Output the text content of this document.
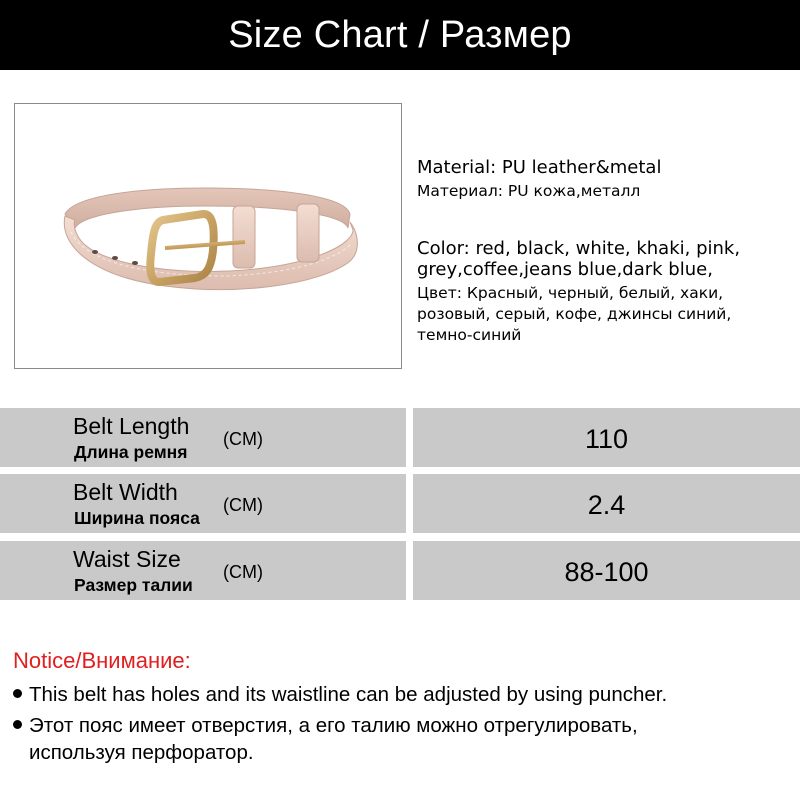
Size Chart / Размер
Material: PU leather&metal
Материал: PU кожа,металл
Color: red, black, white, khaki, pink,
grey,coffee,jeans blue,dark blue,
Цвет: Красный, черный, белый, хаки,
розовый, серый, кофе, джинсы синий,
темно-синий
Belt Length
Длина ремня
(CM)	110
Belt Width
Ширина пояса
(CM)	2.4
Waist Size
Размер талии
(CM)	88-100
Notice/Внимание:
This belt has holes and its waistline can be adjusted by using puncher.
Этот пояс имеет отверстия, а его талию можно отрегулировать,
используя перфоратор.
